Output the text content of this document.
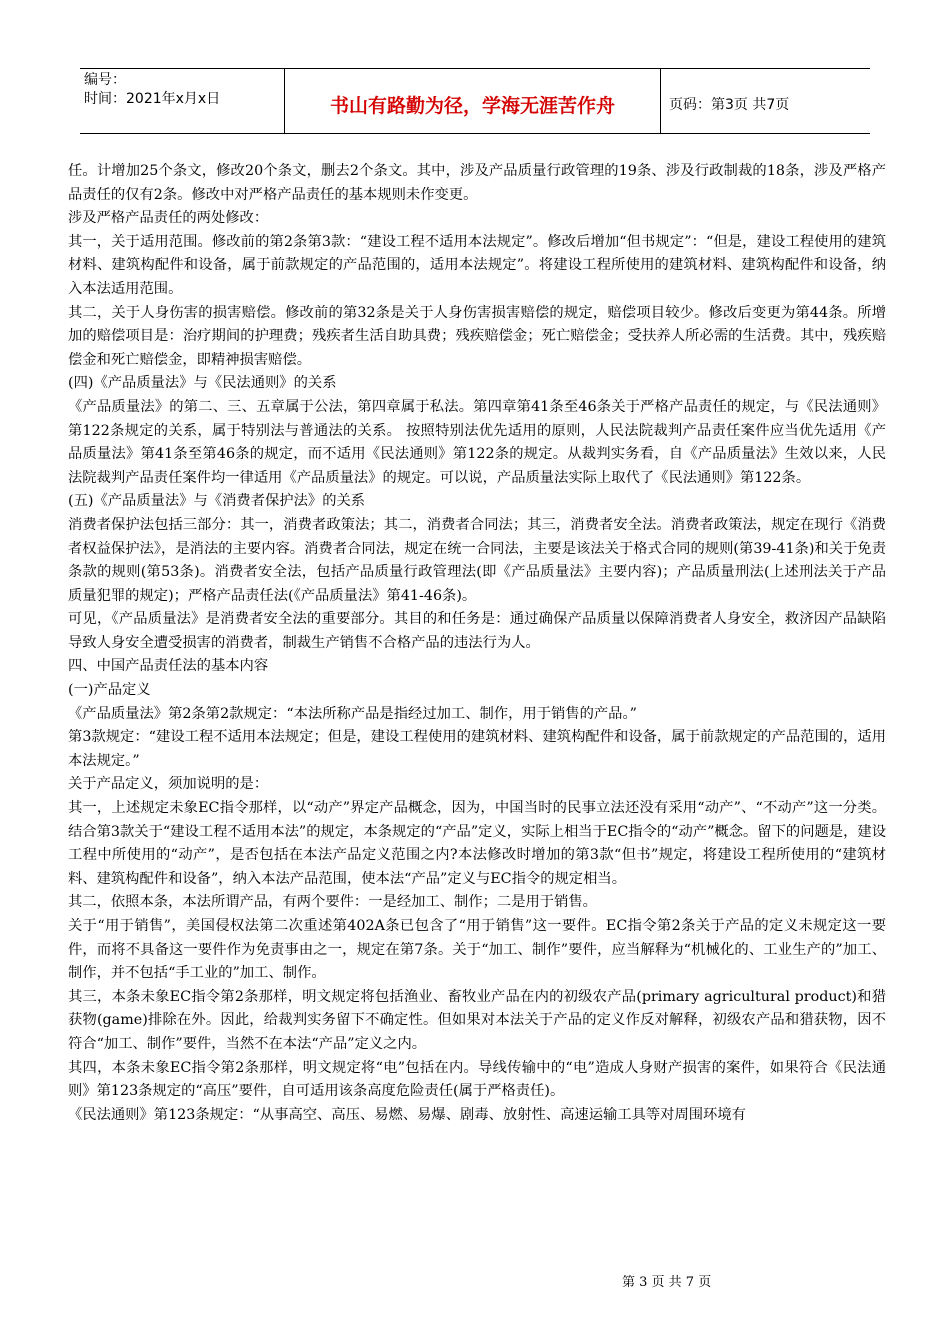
编号：
时间：2021年x月x日	书山有路勤为径，学海无涯苦作舟	页码：第3页 共7页

任。计增加25个条文，修改20个条文，删去2个条文。其中，涉及产品质量行政管理的19条、涉及行政制裁的18条，涉及严格产品责任的仅有2条。修改中对严格产品责任的基本规则未作变更。

涉及严格产品责任的两处修改：

其一，关于适用范围。修改前的第2条第3款：“建设工程不适用本法规定”。修改后增加“但书规定”：“但是，建设工程使用的建筑材料、建筑构配件和设备，属于前款规定的产品范围的，适用本法规定”。将建设工程所使用的建筑材料、建筑构配件和设备，纳入本法适用范围。

其二，关于人身伤害的损害赔偿。修改前的第32条是关于人身伤害损害赔偿的规定，赔偿项目较少。修改后变更为第44条。所增加的赔偿项目是：治疗期间的护理费；残疾者生活自助具费；残疾赔偿金；死亡赔偿金；受扶养人所必需的生活费。其中，残疾赔偿金和死亡赔偿金，即精神损害赔偿。

(四)《产品质量法》与《民法通则》的关系

《产品质量法》的第二、三、五章属于公法，第四章属于私法。第四章第41条至46条关于严格产品责任的规定，与《民法通则》第122条规定的关系，属于特别法与普通法的关系。 按照特别法优先适用的原则，人民法院裁判产品责任案件应当优先适用《产品质量法》第41条至第46条的规定，而不适用《民法通则》第122条的规定。从裁判实务看，自《产品质量法》生效以来，人民法院裁判产品责任案件均一律适用《产品质量法》的规定。可以说，产品质量法实际上取代了《民法通则》第122条。

(五)《产品质量法》与《消费者保护法》的关系

消费者保护法包括三部分：其一，消费者政策法；其二，消费者合同法；其三，消费者安全法。消费者政策法，规定在现行《消费者权益保护法》，是消法的主要内容。消费者合同法，规定在统一合同法，主要是该法关于格式合同的规则(第39-41条)和关于免责条款的规则(第53条)。消费者安全法，包括产品质量行政管理法(即《产品质量法》主要内容)；产品质量刑法(上述刑法关于产品质量犯罪的规定)；严格产品责任法(《产品质量法》第41-46条)。

可见，《产品质量法》是消费者安全法的重要部分。其目的和任务是：通过确保产品质量以保障消费者人身安全，救济因产品缺陷导致人身安全遭受损害的消费者，制裁生产销售不合格产品的违法行为人。

四、中国产品责任法的基本内容

(一)产品定义

《产品质量法》第2条第2款规定：“本法所称产品是指经过加工、制作，用于销售的产品。”

第3款规定：“建设工程不适用本法规定；但是，建设工程使用的建筑材料、建筑构配件和设备，属于前款规定的产品范围的，适用本法规定。”

关于产品定义，须加说明的是：

其一，上述规定未象EC指令那样，以“动产”界定产品概念，因为，中国当时的民事立法还没有采用“动产”、“不动产”这一分类。结合第3款关于“建设工程不适用本法”的规定，本条规定的“产品”定义，实际上相当于EC指令的“动产”概念。留下的问题是，建设工程中所使用的“动产”，是否包括在本法产品定义范围之内?本法修改时增加的第3款“但书”规定，将建设工程所使用的“建筑材料、建筑构配件和设备”，纳入本法产品范围，使本法“产品”定义与EC指令的规定相当。

其二，依照本条，本法所谓产品，有两个要件：一是经加工、制作；二是用于销售。

关于“用于销售”，美国侵权法第二次重述第402A条已包含了“用于销售”这一要件。EC指令第2条关于产品的定义未规定这一要件，而将不具备这一要件作为免责事由之一，规定在第7条。关于“加工、制作”要件，应当解释为“机械化的、工业生产的”加工、制作，并不包括“手工业的”加工、制作。

其三，本条未象EC指令第2条那样，明文规定将包括渔业、畜牧业产品在内的初级农产品(primary agricultural product)和猎获物(game)排除在外。因此，给裁判实务留下不确定性。但如果对本法关于产品的定义作反对解释，初级农产品和猎获物，因不符合“加工、制作”要件，当然不在本法“产品”定义之内。

其四，本条未象EC指令第2条那样，明文规定将“电”包括在内。导线传输中的“电”造成人身财产损害的案件，如果符合《民法通则》第123条规定的“高压”要件，自可适用该条高度危险责任(属于严格责任)。

《民法通则》第123条规定：“从事高空、高压、易燃、易爆、剧毒、放射性、高速运输工具等对周围环境有

第 3 页 共 7 页
